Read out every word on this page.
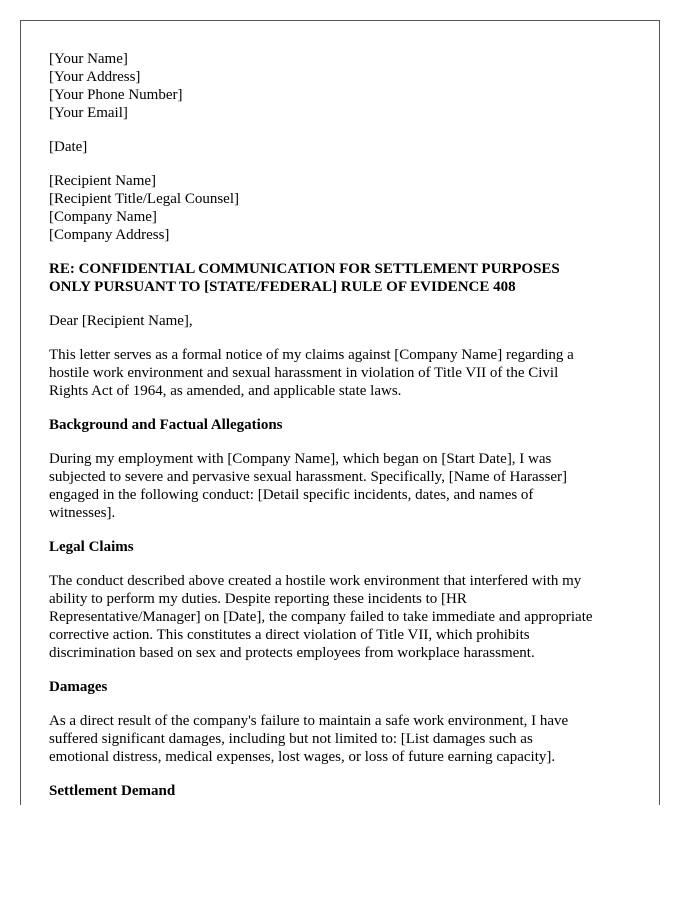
[Your Name]
[Your Address]
[Your Phone Number]
[Your Email]
[Date]
[Recipient Name]
[Recipient Title/Legal Counsel]
[Company Name]
[Company Address]
RE: CONFIDENTIAL COMMUNICATION FOR SETTLEMENT PURPOSES
ONLY PURSUANT TO [STATE/FEDERAL] RULE OF EVIDENCE 408
Dear [Recipient Name],

This letter serves as a formal notice of my claims against [Company Name] regarding a
hostile work environment and sexual harassment in violation of Title VII of the Civil
Rights Act of 1964, as amended, and applicable state laws.

Background and Factual Allegations

During my employment with [Company Name], which began on [Start Date], I was
subjected to severe and pervasive sexual harassment. Specifically, [Name of Harasser]
engaged in the following conduct: [Detail specific incidents, dates, and names of
witnesses].

Legal Claims

The conduct described above created a hostile work environment that interfered with my
ability to perform my duties. Despite reporting these incidents to [HR
Representative/Manager] on [Date], the company failed to take immediate and appropriate
corrective action. This constitutes a direct violation of Title VII, which prohibits
discrimination based on sex and protects employees from workplace harassment.

Damages

As a direct result of the company's failure to maintain a safe work environment, I have
suffered significant damages, including but not limited to: [List damages such as
emotional distress, medical expenses, lost wages, or loss of future earning capacity].

Settlement Demand
